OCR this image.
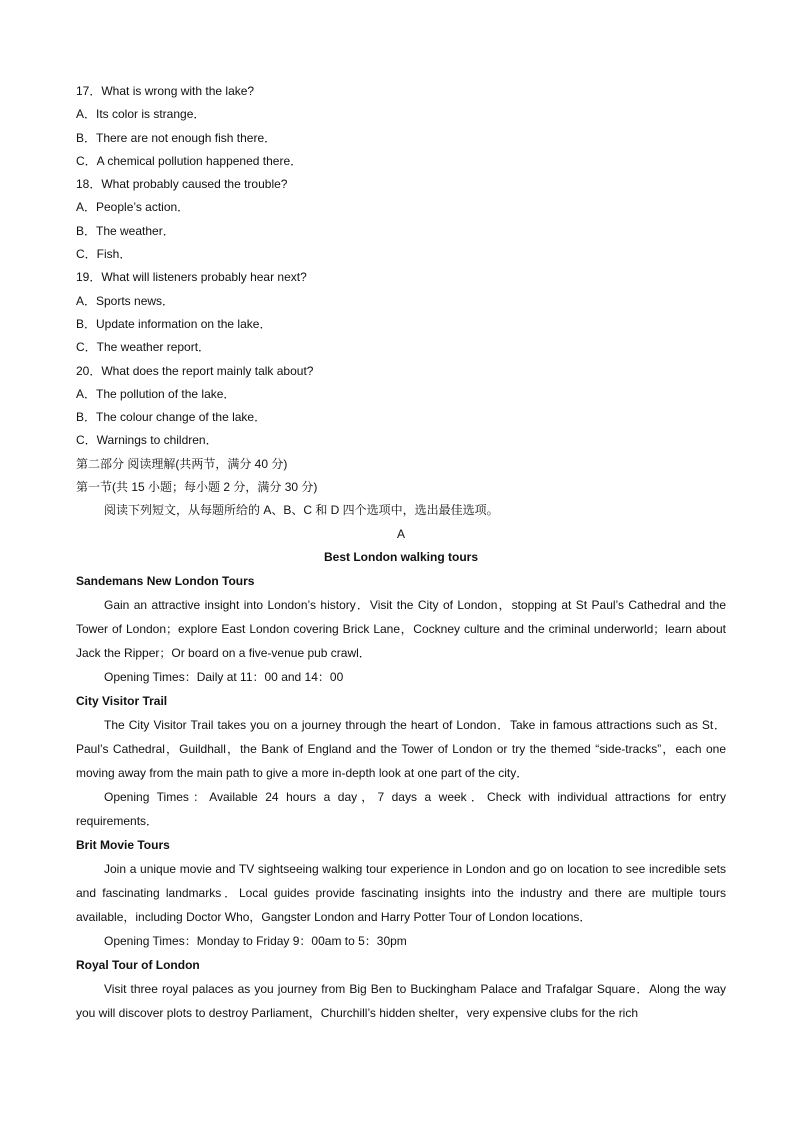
17．What is wrong with the lake?
A．Its color is strange．
B．There are not enough fish there．
C．A chemical pollution happened there．
18．What probably caused the trouble?
A．People’s action．
B．The weather．
C．Fish．
19．What will listeners probably hear next?
A．Sports news．
B．Update information on the lake．
C．The weather report．
20．What does the report mainly talk about?
A．The pollution of the lake．
B．The colour change of the lake．
C．Warnings to children．
第二部分 阅读理解(共两节，满分 40 分)
第一节(共 15 小题；每小题 2 分，满分 30 分)
阅读下列短文，从每题所给的 A、B、C 和 D 四个选项中，选出最佳选项。
A
Best London walking tours

Sandemans New London Tours

Gain an attractive insight into London’s history．Visit the City of London，stopping at St Paul’s Cathedral and the Tower of London；explore East London covering Brick Lane，Cockney culture and the criminal underworld；learn about Jack the Ripper；Or board on a five-venue pub crawl．

Opening Times：Daily at 11：00 and 14：00

City Visitor Trail

The City Visitor Trail takes you on a journey through the heart of London．Take in famous attractions such as St．Paul’s Cathedral，Guildhall，the Bank of England and the Tower of London or try the themed “side-tracks”，each one moving away from the main path to give a more in-depth look at one part of the city．

Opening Times：Available 24 hours a day，7 days a week．Check with individual attractions for entry requirements．

Brit Movie Tours

Join a unique movie and TV sightseeing walking tour experience in London and go on location to see incredible sets and fascinating landmarks．Local guides provide fascinating insights into the industry and there are multiple tours available，including Doctor Who，Gangster London and Harry Potter Tour of London locations．

Opening Times：Monday to Friday 9：00am to 5：30pm

Royal Tour of London

Visit three royal palaces as you journey from Big Ben to Buckingham Palace and Trafalgar Square．Along the way you will discover plots to destroy Parliament，Churchill’s hidden shelter，very expensive clubs for the rich
